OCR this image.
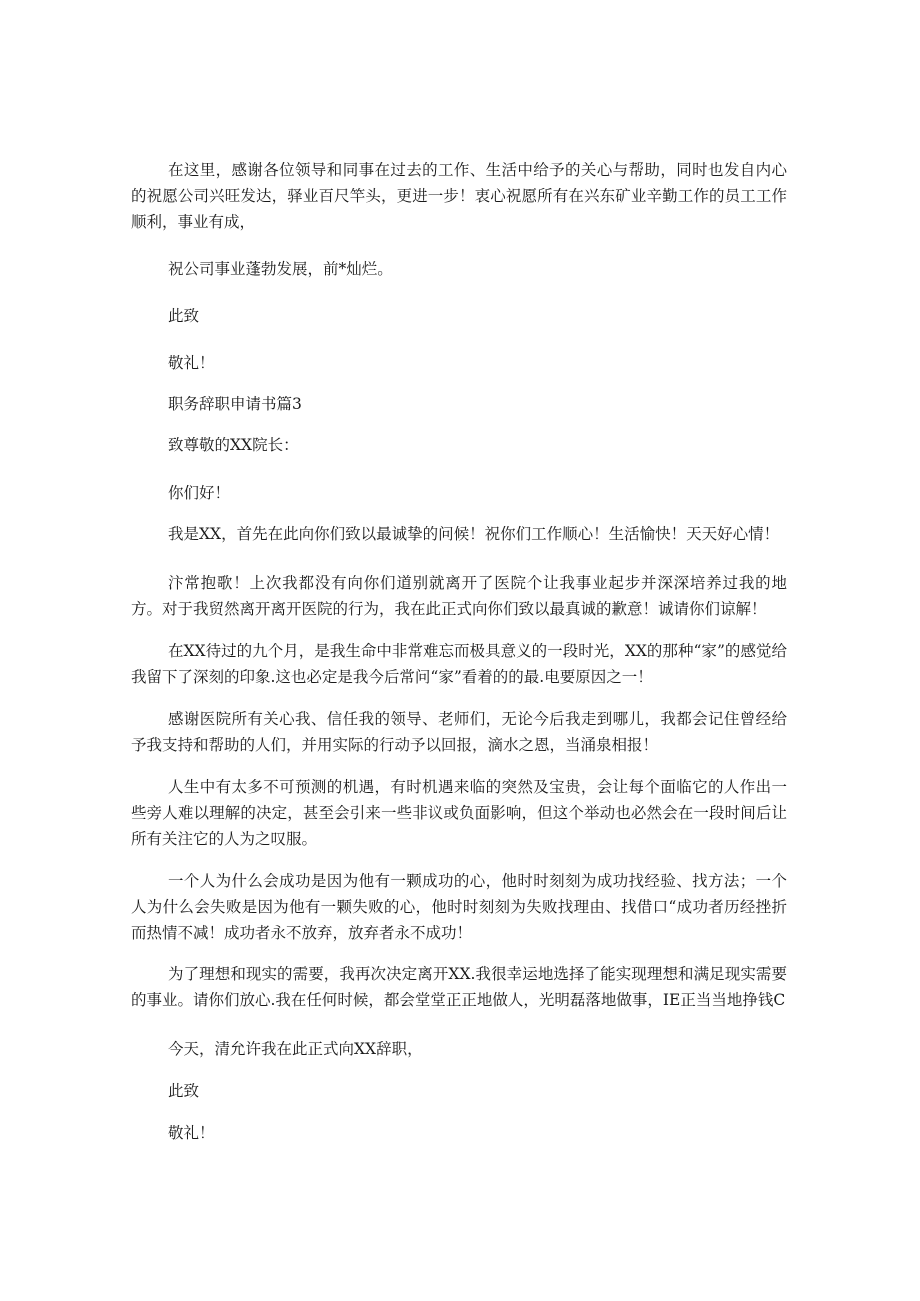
在这里，感谢各位领导和同事在过去的工作、生活中给予的关心与帮助，同时也发自内心的祝愿公司兴旺发达，驿业百尺竿头，更进一步！衷心祝愿所有在兴东矿业辛勤工作的员工工作顺利，事业有成，

祝公司事业蓬勃发展，前*灿烂。

此致

敬礼！

职务辞职申请书篇3

致尊敬的XX院长：

你们好！

我是XX，首先在此向你们致以最诚挚的问候！祝你们工作顺心！生活愉快！天天好心情！

汴常抱歌！上次我都没有向你们道别就离开了医院个让我事业起步并深深培养过我的地方。对于我贸然离开离开医院的行为，我在此正式向你们致以最真诚的歉意！诚请你们谅解！

在XX待过的九个月，是我生命中非常难忘而极具意义的一段时光，XX的那种“家”的感觉给我留下了深刻的印象.这也必定是我今后常问“家”看着的的最.电要原因之一！

感谢医院所有关心我、信任我的领导、老师们，无论今后我走到哪儿，我都会记住曾经给予我支持和帮助的人们，并用实际的行动予以回报，滴水之恩，当涌泉相报！

人生中有太多不可预测的机遇，有时机遇来临的突然及宝贵，会让每个面临它的人作出一些旁人难以理解的决定，甚至会引来一些非议或负面影响，但这个举动也必然会在一段时间后让所有关注它的人为之叹服。

一个人为什么会成功是因为他有一颗成功的心，他时时刻刻为成功找经验、找方法；一个人为什么会失败是因为他有一颗失败的心，他时时刻刻为失败找理由、找借口“成功者历经挫折而热情不减！成功者永不放弃，放弃者永不成功！

为了理想和现实的需要，我再次决定离开XX.我很幸运地选择了能实现理想和满足现实需要的事业。请你们放心.我在任何时候，都会堂堂正正地做人，光明磊落地做事，IE正当当地挣钱C

今天，清允许我在此正式向XX辞职，

此致

敬礼！
